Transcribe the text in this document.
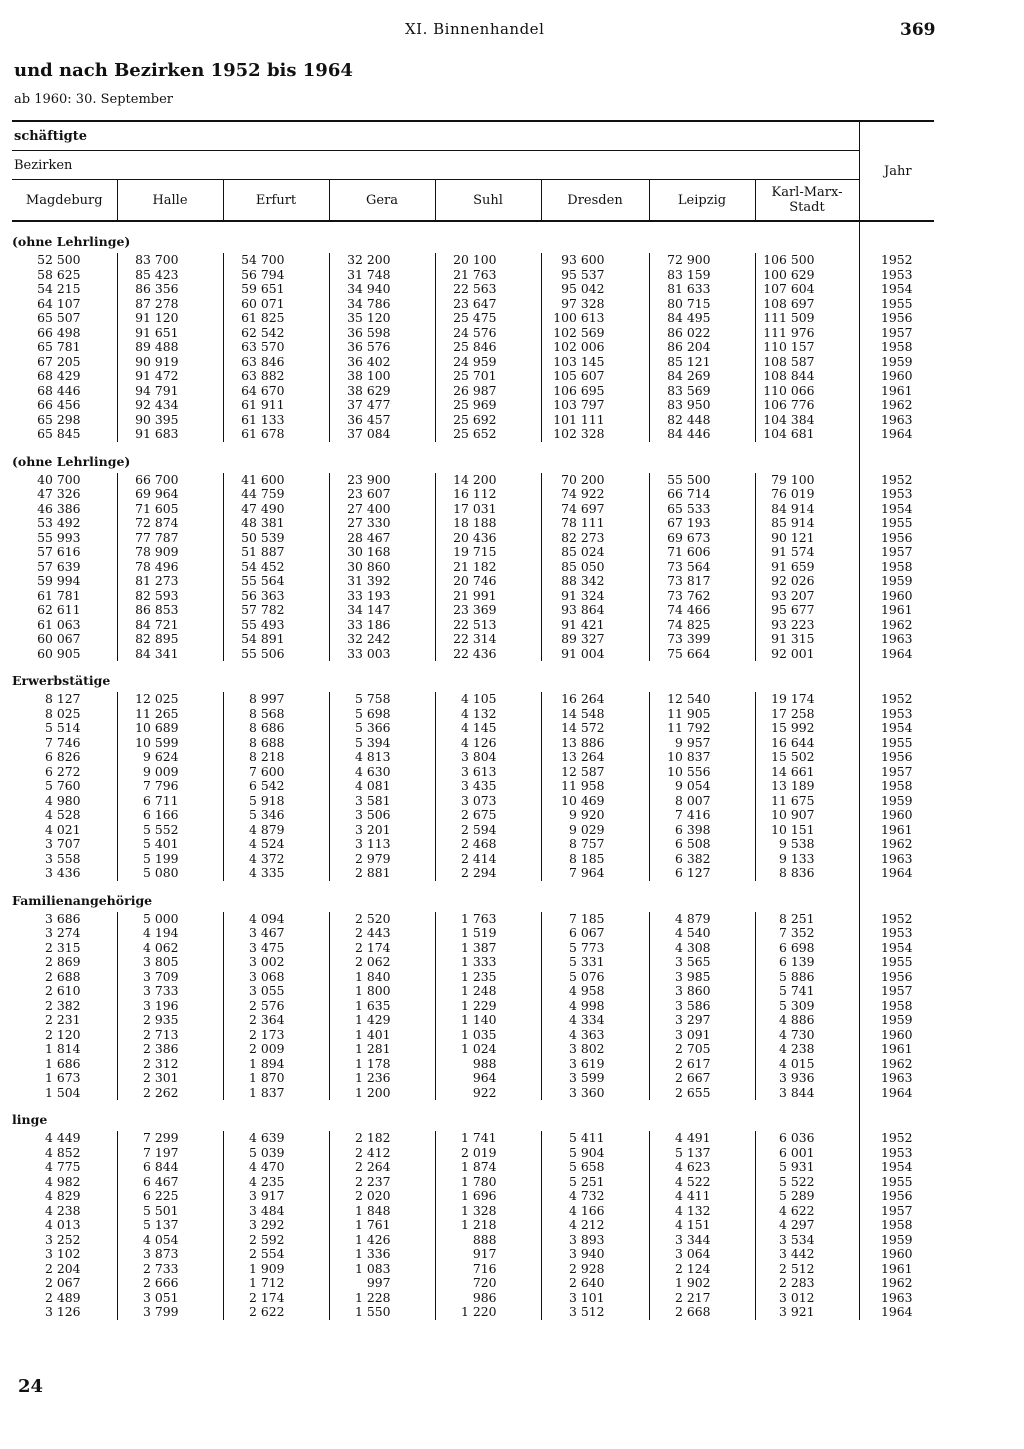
XI. Binnenhandel	369
und nach Bezirken 1952 bis 1964
ab 1960: 30. September
schäftigte								Jahr
Bezirken								
Magdeburg	Halle	Erfurt	Gera	Suhl	Dresden	Leipzig	Karl-Marx-Stadt	
(ohne Lehrlinge)								
52 500	83 700	54 700	32 200	20 100	93 600	72 900	106 500	1952
58 625	85 423	56 794	31 748	21 763	95 537	83 159	100 629	1953
54 215	86 356	59 651	34 940	22 563	95 042	81 633	107 604	1954
64 107	87 278	60 071	34 786	23 647	97 328	80 715	108 697	1955
65 507	91 120	61 825	35 120	25 475	100 613	84 495	111 509	1956
66 498	91 651	62 542	36 598	24 576	102 569	86 022	111 976	1957
65 781	89 488	63 570	36 576	25 846	102 006	86 204	110 157	1958
67 205	90 919	63 846	36 402	24 959	103 145	85 121	108 587	1959
68 429	91 472	63 882	38 100	25 701	105 607	84 269	108 844	1960
68 446	94 791	64 670	38 629	26 987	106 695	83 569	110 066	1961
66 456	92 434	61 911	37 477	25 969	103 797	83 950	106 776	1962
65 298	90 395	61 133	36 457	25 692	101 111	82 448	104 384	1963
65 845	91 683	61 678	37 084	25 652	102 328	84 446	104 681	1964
(ohne Lehrlinge)								
40 700	66 700	41 600	23 900	14 200	70 200	55 500	79 100	1952
47 326	69 964	44 759	23 607	16 112	74 922	66 714	76 019	1953
46 386	71 605	47 490	27 400	17 031	74 697	65 533	84 914	1954
53 492	72 874	48 381	27 330	18 188	78 111	67 193	85 914	1955
55 993	77 787	50 539	28 467	20 436	82 273	69 673	90 121	1956
57 616	78 909	51 887	30 168	19 715	85 024	71 606	91 574	1957
57 639	78 496	54 452	30 860	21 182	85 050	73 564	91 659	1958
59 994	81 273	55 564	31 392	20 746	88 342	73 817	92 026	1959
61 781	82 593	56 363	33 193	21 991	91 324	73 762	93 207	1960
62 611	86 853	57 782	34 147	23 369	93 864	74 466	95 677	1961
61 063	84 721	55 493	33 186	22 513	91 421	74 825	93 223	1962
60 067	82 895	54 891	32 242	22 314	89 327	73 399	91 315	1963
60 905	84 341	55 506	33 003	22 436	91 004	75 664	92 001	1964
Erwerbstätige								
8 127	12 025	8 997	5 758	4 105	16 264	12 540	19 174	1952
8 025	11 265	8 568	5 698	4 132	14 548	11 905	17 258	1953
5 514	10 689	8 686	5 366	4 145	14 572	11 792	15 992	1954
7 746	10 599	8 688	5 394	4 126	13 886	9 957	16 644	1955
6 826	9 624	8 218	4 813	3 804	13 264	10 837	15 502	1956
6 272	9 009	7 600	4 630	3 613	12 587	10 556	14 661	1957
5 760	7 796	6 542	4 081	3 435	11 958	9 054	13 189	1958
4 980	6 711	5 918	3 581	3 073	10 469	8 007	11 675	1959
4 528	6 166	5 346	3 506	2 675	9 920	7 416	10 907	1960
4 021	5 552	4 879	3 201	2 594	9 029	6 398	10 151	1961
3 707	5 401	4 524	3 113	2 468	8 757	6 508	9 538	1962
3 558	5 199	4 372	2 979	2 414	8 185	6 382	9 133	1963
3 436	5 080	4 335	2 881	2 294	7 964	6 127	8 836	1964
Familienangehörige								
3 686	5 000	4 094	2 520	1 763	7 185	4 879	8 251	1952
3 274	4 194	3 467	2 443	1 519	6 067	4 540	7 352	1953
2 315	4 062	3 475	2 174	1 387	5 773	4 308	6 698	1954
2 869	3 805	3 002	2 062	1 333	5 331	3 565	6 139	1955
2 688	3 709	3 068	1 840	1 235	5 076	3 985	5 886	1956
2 610	3 733	3 055	1 800	1 248	4 958	3 860	5 741	1957
2 382	3 196	2 576	1 635	1 229	4 998	3 586	5 309	1958
2 231	2 935	2 364	1 429	1 140	4 334	3 297	4 886	1959
2 120	2 713	2 173	1 401	1 035	4 363	3 091	4 730	1960
1 814	2 386	2 009	1 281	1 024	3 802	2 705	4 238	1961
1 686	2 312	1 894	1 178	988	3 619	2 617	4 015	1962
1 673	2 301	1 870	1 236	964	3 599	2 667	3 936	1963
1 504	2 262	1 837	1 200	922	3 360	2 655	3 844	1964
linge								
4 449	7 299	4 639	2 182	1 741	5 411	4 491	6 036	1952
4 852	7 197	5 039	2 412	2 019	5 904	5 137	6 001	1953
4 775	6 844	4 470	2 264	1 874	5 658	4 623	5 931	1954
4 982	6 467	4 235	2 237	1 780	5 251	4 522	5 522	1955
4 829	6 225	3 917	2 020	1 696	4 732	4 411	5 289	1956
4 238	5 501	3 484	1 848	1 328	4 166	4 132	4 622	1957
4 013	5 137	3 292	1 761	1 218	4 212	4 151	4 297	1958
3 252	4 054	2 592	1 426	888	3 893	3 344	3 534	1959
3 102	3 873	2 554	1 336	917	3 940	3 064	3 442	1960
2 204	2 733	1 909	1 083	716	2 928	2 124	2 512	1961
2 067	2 666	1 712	997	720	2 640	1 902	2 283	1962
2 489	3 051	2 174	1 228	986	3 101	2 217	3 012	1963
3 126	3 799	2 622	1 550	1 220	3 512	2 668	3 921	1964
24
